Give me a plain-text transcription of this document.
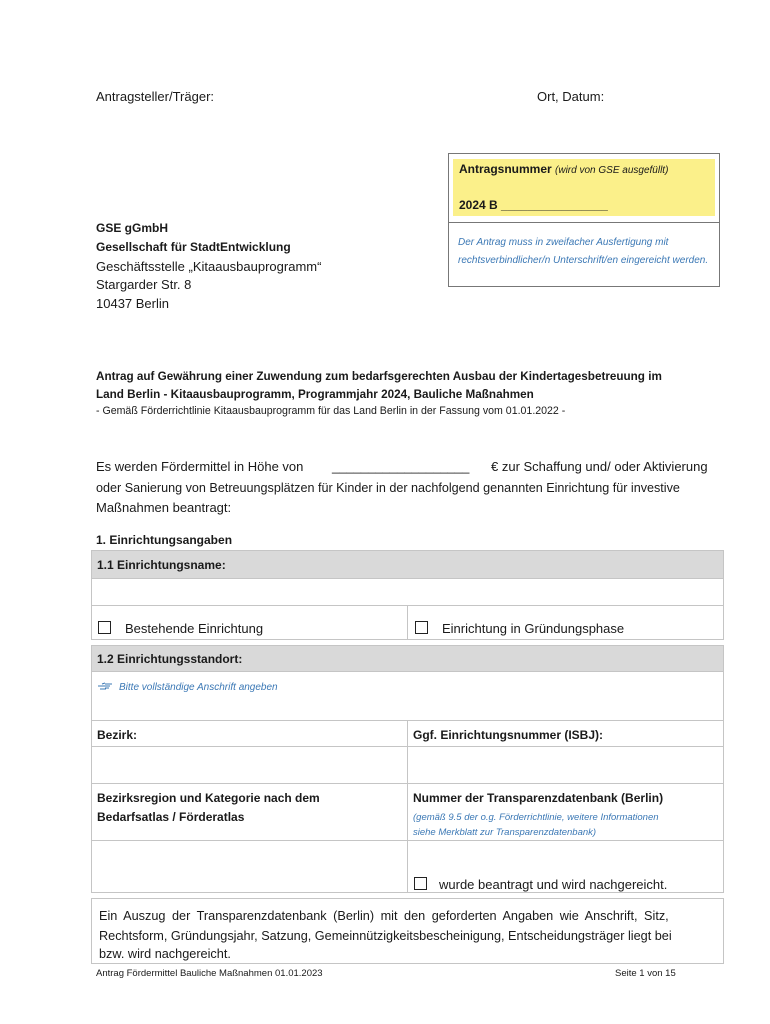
Antragsteller/Träger:	Ort, Datum:
Antragsnummer (wird von GSE ausgefüllt)
2024 B ________________
Der Antrag muss in zweifacher Ausfertigung mit rechtsverbindlicher/n Unterschrift/en eingereicht werden.
GSE gGmbH
Gesellschaft für StadtEntwicklung
Geschäftsstelle „Kitaausbauprogramm“
Stargarder Str. 8
10437 Berlin
Antrag auf Gewährung einer Zuwendung zum bedarfsgerechten Ausbau der Kindertagesbetreuung im
Land Berlin - Kitaausbauprogramm, Programmjahr 2024, Bauliche Maßnahmen
- Gemäß Förderrichtlinie Kitaausbauprogramm für das Land Berlin in der Fassung vom 01.01.2022 -
Es werden Fördermittel in Höhe von ___________________ € zur Schaffung und/ oder Aktivierung
oder Sanierung von Betreuungsplätzen für Kinder in der nachfolgend genannten Einrichtung für investive
Maßnahmen beantragt:
1. Einrichtungsangaben
1.1 Einrichtungsname:
Bestehende Einrichtung	Einrichtung in Gründungsphase
1.2 Einrichtungsstandort:
Bitte vollständige Anschrift angeben
Bezirk:	Ggf. Einrichtungsnummer (ISBJ):
Bezirksregion und Kategorie nach dem
Bedarfsatlas / Förderatlas
Nummer der Transparenzdatenbank (Berlin)
(gemäß 9.5 der o.g. Förderrichtlinie, weitere Informationen
siehe Merkblatt zur Transparenzdatenbank)
wurde beantragt und wird nachgereicht.
Ein Auszug der Transparenzdatenbank (Berlin) mit den geforderten Angaben wie Anschrift, Sitz,
Rechtsform, Gründungsjahr, Satzung, Gemeinnützigkeitsbescheinigung, Entscheidungsträger liegt bei
bzw. wird nachgereicht.
Antrag Fördermittel Bauliche Maßnahmen 01.01.2023	Seite 1 von 15
